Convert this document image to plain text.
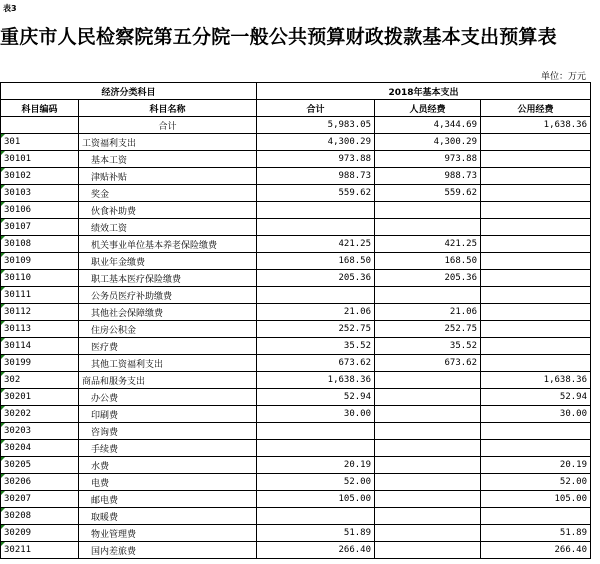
表3
重庆市人民检察院第五分院一般公共预算财政拨款基本支出预算表
单位：万元
经济分类科目		2018年基本支出		
科目编码	科目名称	合计	人员经费	公用经费
	合计	5,983.05	4,344.69	1,638.36

301	工资福利支出	4,300.29	4,300.29	

30101	基本工资	973.88	973.88	

30102	津贴补贴	988.73	988.73	

30103	奖金	559.62	559.62	

30106	伙食补助费			

30107	绩效工资			

30108	机关事业单位基本养老保险缴费	421.25	421.25	

30109	职业年金缴费	168.50	168.50	

30110	职工基本医疗保险缴费	205.36	205.36	

30111	公务员医疗补助缴费			

30112	其他社会保障缴费	21.06	21.06	

30113	住房公积金	252.75	252.75	

30114	医疗费	35.52	35.52	

30199	其他工资福利支出	673.62	673.62	

302	商品和服务支出	1,638.36		1,638.36

30201	办公费	52.94		52.94

30202	印刷费	30.00		30.00

30203	咨询费			

30204	手续费			

30205	水费	20.19		20.19

30206	电费	52.00		52.00

30207	邮电费	105.00		105.00

30208	取暖费			

30209	物业管理费	51.89		51.89

30211	国内差旅费	266.40		266.40
